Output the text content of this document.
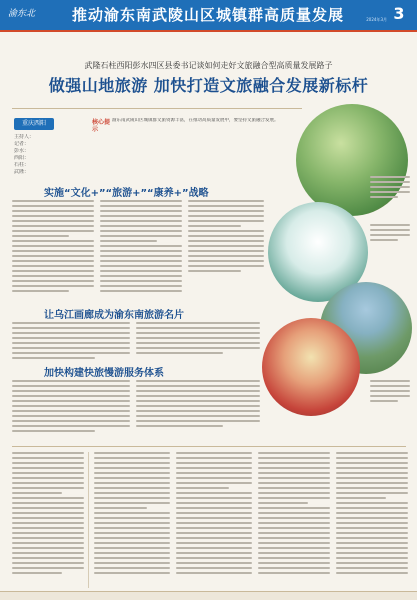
渝东北	推动渝东南武陵山区城镇群高质量发展	2024年3月 3
武隆石柱西阳彭水四区县委书记谈如何走好文旅融合型高质量发展路子
做强山地旅游 加快打造文旅融合发展新标杆
重庆西阳
主持人：
记者：
彭水：
西阳：
石柱：
武隆：
核心提示
渝东南武陵山区城镇群文旅资源丰富，在推动高质量发展中，要坚持文旅融合发展。
实施“文化+”“旅游+”“康养+”战略
让乌江画廊成为渝东南旅游名片
加快构建快旅慢游服务体系
